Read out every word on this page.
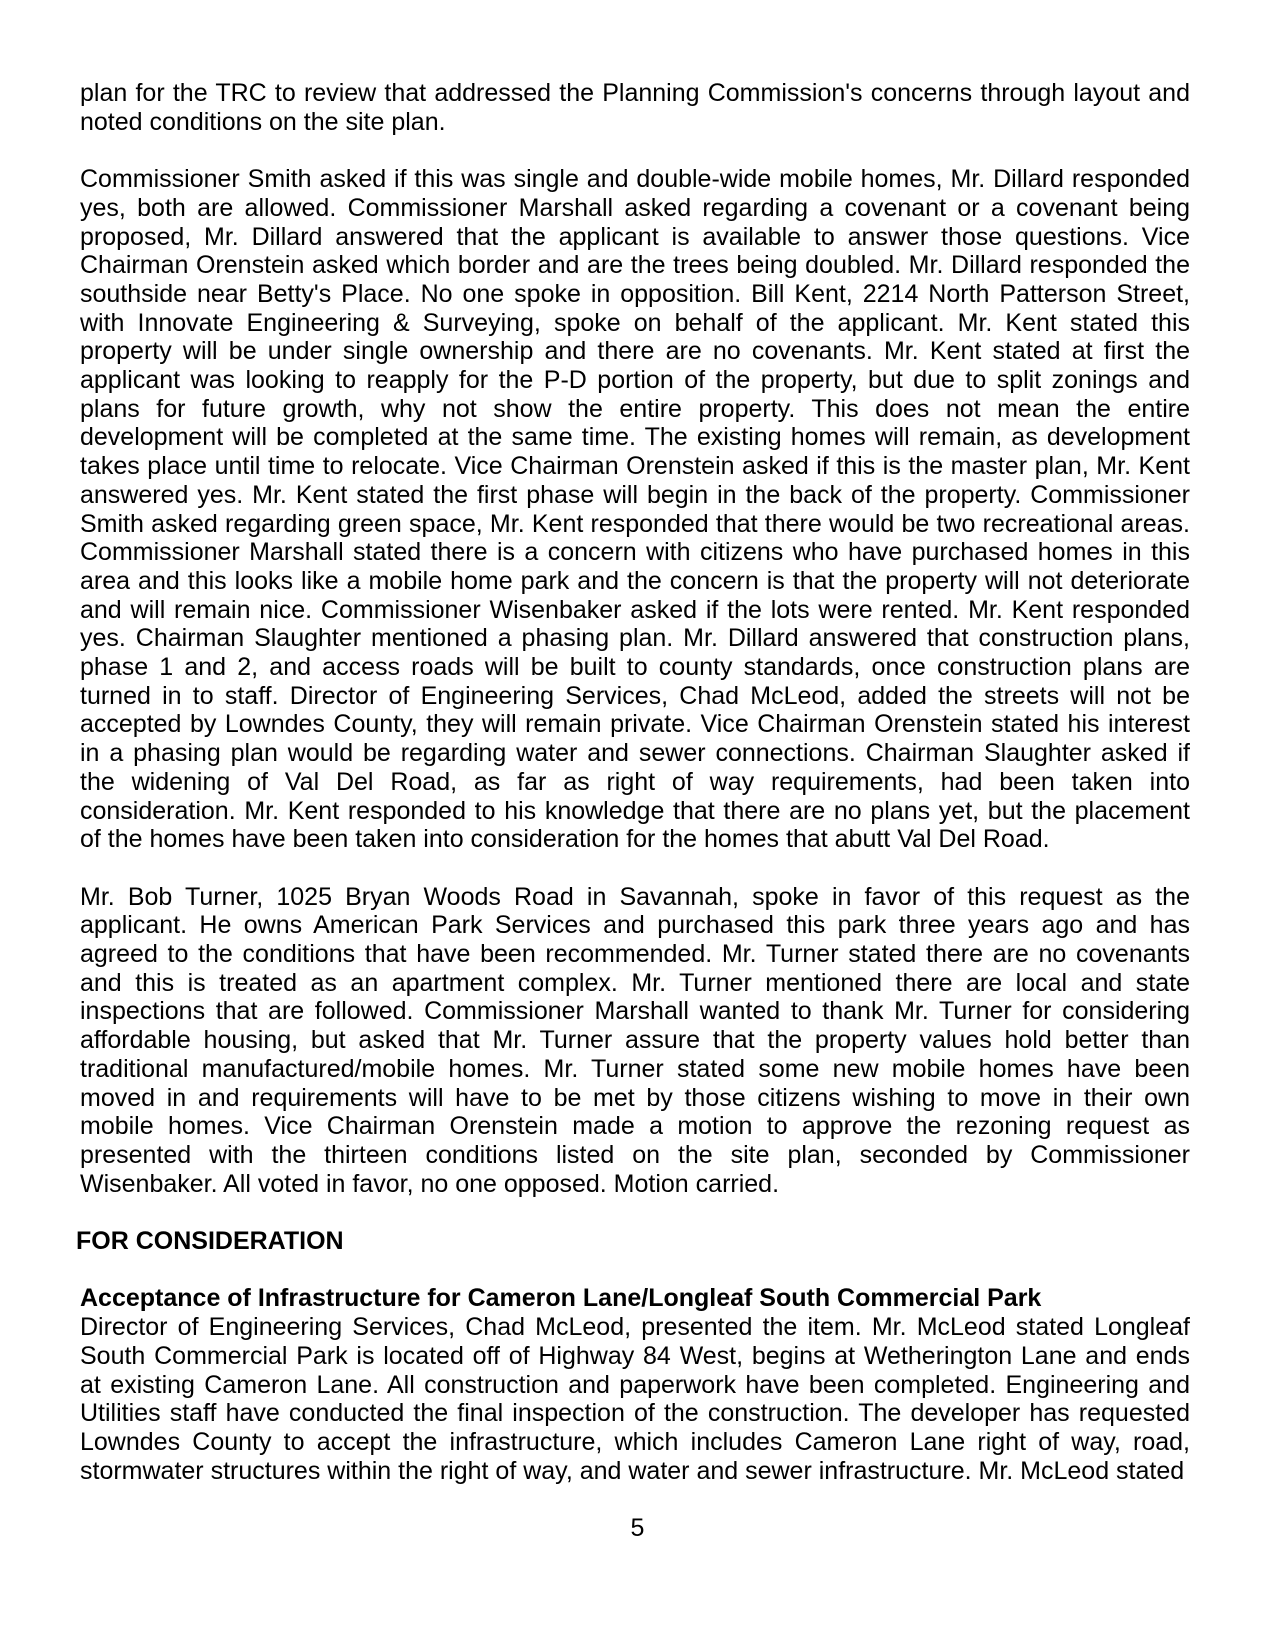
plan for the TRC to review that addressed the Planning Commission's concerns through layout and noted conditions on the site plan.

Commissioner Smith asked if this was single and double-wide mobile homes, Mr. Dillard responded yes, both are allowed. Commissioner Marshall asked regarding a covenant or a covenant being proposed, Mr. Dillard answered that the applicant is available to answer those questions. Vice Chairman Orenstein asked which border and are the trees being doubled. Mr. Dillard responded the southside near Betty's Place. No one spoke in opposition. Bill Kent, 2214 North Patterson Street, with Innovate Engineering & Surveying, spoke on behalf of the applicant. Mr. Kent stated this property will be under single ownership and there are no covenants. Mr. Kent stated at first the applicant was looking to reapply for the P-D portion of the property, but due to split zonings and plans for future growth, why not show the entire property. This does not mean the entire development will be completed at the same time. The existing homes will remain, as development takes place until time to relocate. Vice Chairman Orenstein asked if this is the master plan, Mr. Kent answered yes. Mr. Kent stated the first phase will begin in the back of the property. Commissioner Smith asked regarding green space, Mr. Kent responded that there would be two recreational areas. Commissioner Marshall stated there is a concern with citizens who have purchased homes in this area and this looks like a mobile home park and the concern is that the property will not deteriorate and will remain nice. Commissioner Wisenbaker asked if the lots were rented. Mr. Kent responded yes. Chairman Slaughter mentioned a phasing plan. Mr. Dillard answered that construction plans, phase 1 and 2, and access roads will be built to county standards, once construction plans are turned in to staff. Director of Engineering Services, Chad McLeod, added the streets will not be accepted by Lowndes County, they will remain private. Vice Chairman Orenstein stated his interest in a phasing plan would be regarding water and sewer connections. Chairman Slaughter asked if the widening of Val Del Road, as far as right of way requirements, had been taken into consideration. Mr. Kent responded to his knowledge that there are no plans yet, but the placement of the homes have been taken into consideration for the homes that abutt Val Del Road.

Mr. Bob Turner, 1025 Bryan Woods Road in Savannah, spoke in favor of this request as the applicant. He owns American Park Services and purchased this park three years ago and has agreed to the conditions that have been recommended. Mr. Turner stated there are no covenants and this is treated as an apartment complex. Mr. Turner mentioned there are local and state inspections that are followed. Commissioner Marshall wanted to thank Mr. Turner for considering affordable housing, but asked that Mr. Turner assure that the property values hold better than traditional manufactured/mobile homes. Mr. Turner stated some new mobile homes have been moved in and requirements will have to be met by those citizens wishing to move in their own mobile homes. Vice Chairman Orenstein made a motion to approve the rezoning request as presented with the thirteen conditions listed on the site plan, seconded by Commissioner Wisenbaker. All voted in favor, no one opposed. Motion carried.

FOR CONSIDERATION
Acceptance of Infrastructure for Cameron Lane/Longleaf South Commercial Park

Director of Engineering Services, Chad McLeod, presented the item. Mr. McLeod stated Longleaf South Commercial Park is located off of Highway 84 West, begins at Wetherington Lane and ends at existing Cameron Lane. All construction and paperwork have been completed. Engineering and Utilities staff have conducted the final inspection of the construction. The developer has requested Lowndes County to accept the infrastructure, which includes Cameron Lane right of way, road, stormwater structures within the right of way, and water and sewer infrastructure. Mr. McLeod stated

5
